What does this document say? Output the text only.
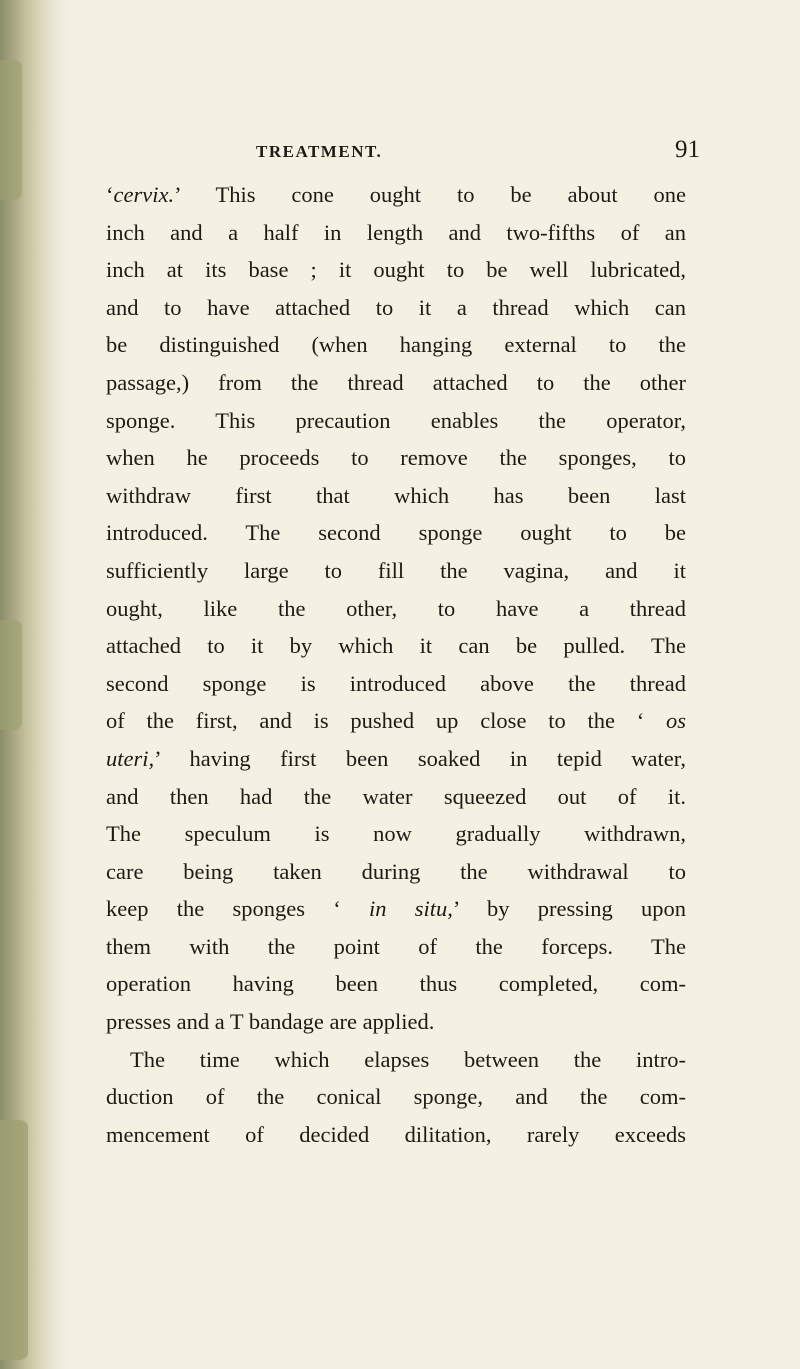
TREATMENT.	91

‘cervix.’ This cone ought to be about one
inch and a half in length and two-fifths of an
inch at its base ; it ought to be well lubricated,
and to have attached to it a thread which can
be distinguished (when hanging external to the
passage,) from the thread attached to the other
sponge. This precaution enables the operator,
when he proceeds to remove the sponges, to
withdraw first that which has been last
introduced. The second sponge ought to be
sufficiently large to fill the vagina, and it
ought, like the other, to have a thread
attached to it by which it can be pulled. The
second sponge is introduced above the thread
of the first, and is pushed up close to the ‘ os
uteri,’ having first been soaked in tepid water,
and then had the water squeezed out of it.
The speculum is now gradually withdrawn,
care being taken during the withdrawal to
keep the sponges ‘ in situ,’ by pressing upon
them with the point of the forceps. The
operation having been thus completed, com-
presses and a T bandage are applied.
The time which elapses between the intro-
duction of the conical sponge, and the com-
mencement of decided dilitation, rarely exceeds
